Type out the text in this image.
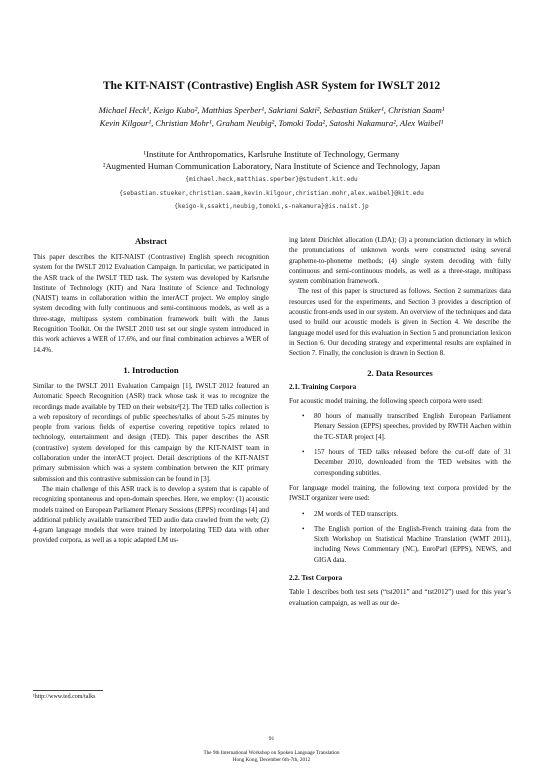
The KIT-NAIST (Contrastive) English ASR System for IWSLT 2012
Michael Heck¹, Keigo Kubo², Matthias Sperber¹, Sakriani Sakti², Sebastian Stüker¹, Christian Saam¹
Kevin Kilgour¹, Christian Mohr¹, Graham Neubig², Tomoki Toda², Satoshi Nakamura², Alex Waibel¹
¹Institute for Anthropomatics, Karlsruhe Institute of Technology, Germany
²Augmented Human Communication Laboratory, Nara Institute of Science and Technology, Japan
{michael.heck,matthias.sperber}@student.kit.edu
{sebastian.stueker,christian.saam,kevin.kilgour,christian.mohr,alex.waibel}@kit.edu
{keigo-k,ssakti,neubig,tomoki,s-nakamura}@is.naist.jp
Abstract

This paper describes the KIT-NAIST (Contrastive) English speech recognition system for the IWSLT 2012 Evaluation Campaign. In particular, we participated in the ASR track of the IWSLT TED task. The system was developed by Karlsruhe Institute of Technology (KIT) and Nara Institute of Science and Technology (NAIST) teams in collaboration within the interACT project. We employ single system decoding with fully continuous and semi-continuous models, as well as a three-stage, multipass system combination framework built with the Janus Recognition Toolkit. On the IWSLT 2010 test set our single system introduced in this work achieves a WER of 17.6%, and our final combination achieves a WER of 14.4%.

1. Introduction

Similar to the IWSLT 2011 Evaluation Campaign [1], IWSLT 2012 featured an Automatic Speech Recognition (ASR) track whose task it was to recognize the recordings made available by TED on their website¹[2]. The TED talks collection is a web repository of recordings of public speeches/talks of about 5-25 minutes by people from various fields of expertise covering repetitive topics related to technology, entertainment and design (TED). This paper describes the ASR (contrastive) system developed for this campaign by the KIT-NAIST team in collaboration under the interACT project. Detail descriptions of the KIT-NAIST primary submission which was a system combination between the KIT primary submission and this contrastive submission can be found in [3].

The main challenge of this ASR track is to develop a system that is capable of recognizing spontaneous and open-domain speeches. Here, we employ: (1) acoustic models trained on European Parliament Plenary Sessions (EPPS) recordings [4] and additional publicly available transcribed TED audio data crawled from the web; (2) 4-gram language models that were trained by interpolating TED data with other provided corpora, as well as a topic adapted LM us-

¹http://www.ted.com/talks

ing latent Dirichlet allocation (LDA); (3) a pronunciation dictionary in which the pronunciations of unknown words were constructed using several grapheme-to-phoneme methods; (4) single system decoding with fully continuous and semi-continuous models, as well as a three-stage, multipass system combination framework.

The rest of this paper is structured as follows. Section 2 summarizes data resources used for the experiments, and Section 3 provides a description of acoustic front-ends used in our system. An overview of the techniques and data used to build our acoustic models is given in Section 4. We describe the language model used for this evaluation in Section 5 and pronunciation lexicon in Section 6. Our decoding strategy and experimental results are explained in Section 7. Finally, the conclusion is drawn in Section 8.

2. Data Resources
2.1. Training Corpora

For acoustic model training, the following speech corpora were used:

• 80 hours of manually transcribed English European Parliament Plenary Session (EPPS) speeches, provided by RWTH Aachen within the TC-STAR project [4].
• 157 hours of TED talks released before the cut-off date of 31 December 2010, downloaded from the TED websites with the corresponding subtitles.

For language model training, the following text corpora provided by the IWSLT organizer were used:

• 2M words of TED transcripts.
• The English portion of the English-French training data from the Sixth Workshop on Statistical Machine Translation (WMT 2011), including News Commentary (NC), EuroParl (EPPS), NEWS, and GIGA data.
2.2. Test Corpora

Table 1 describes both test sets (“tst2011” and “tst2012”) used for this year’s evaluation campaign, as well as our de-

91
The 9th International Workshop on Spoken Language Translation
Hong Kong, December 6th-7th, 2012
